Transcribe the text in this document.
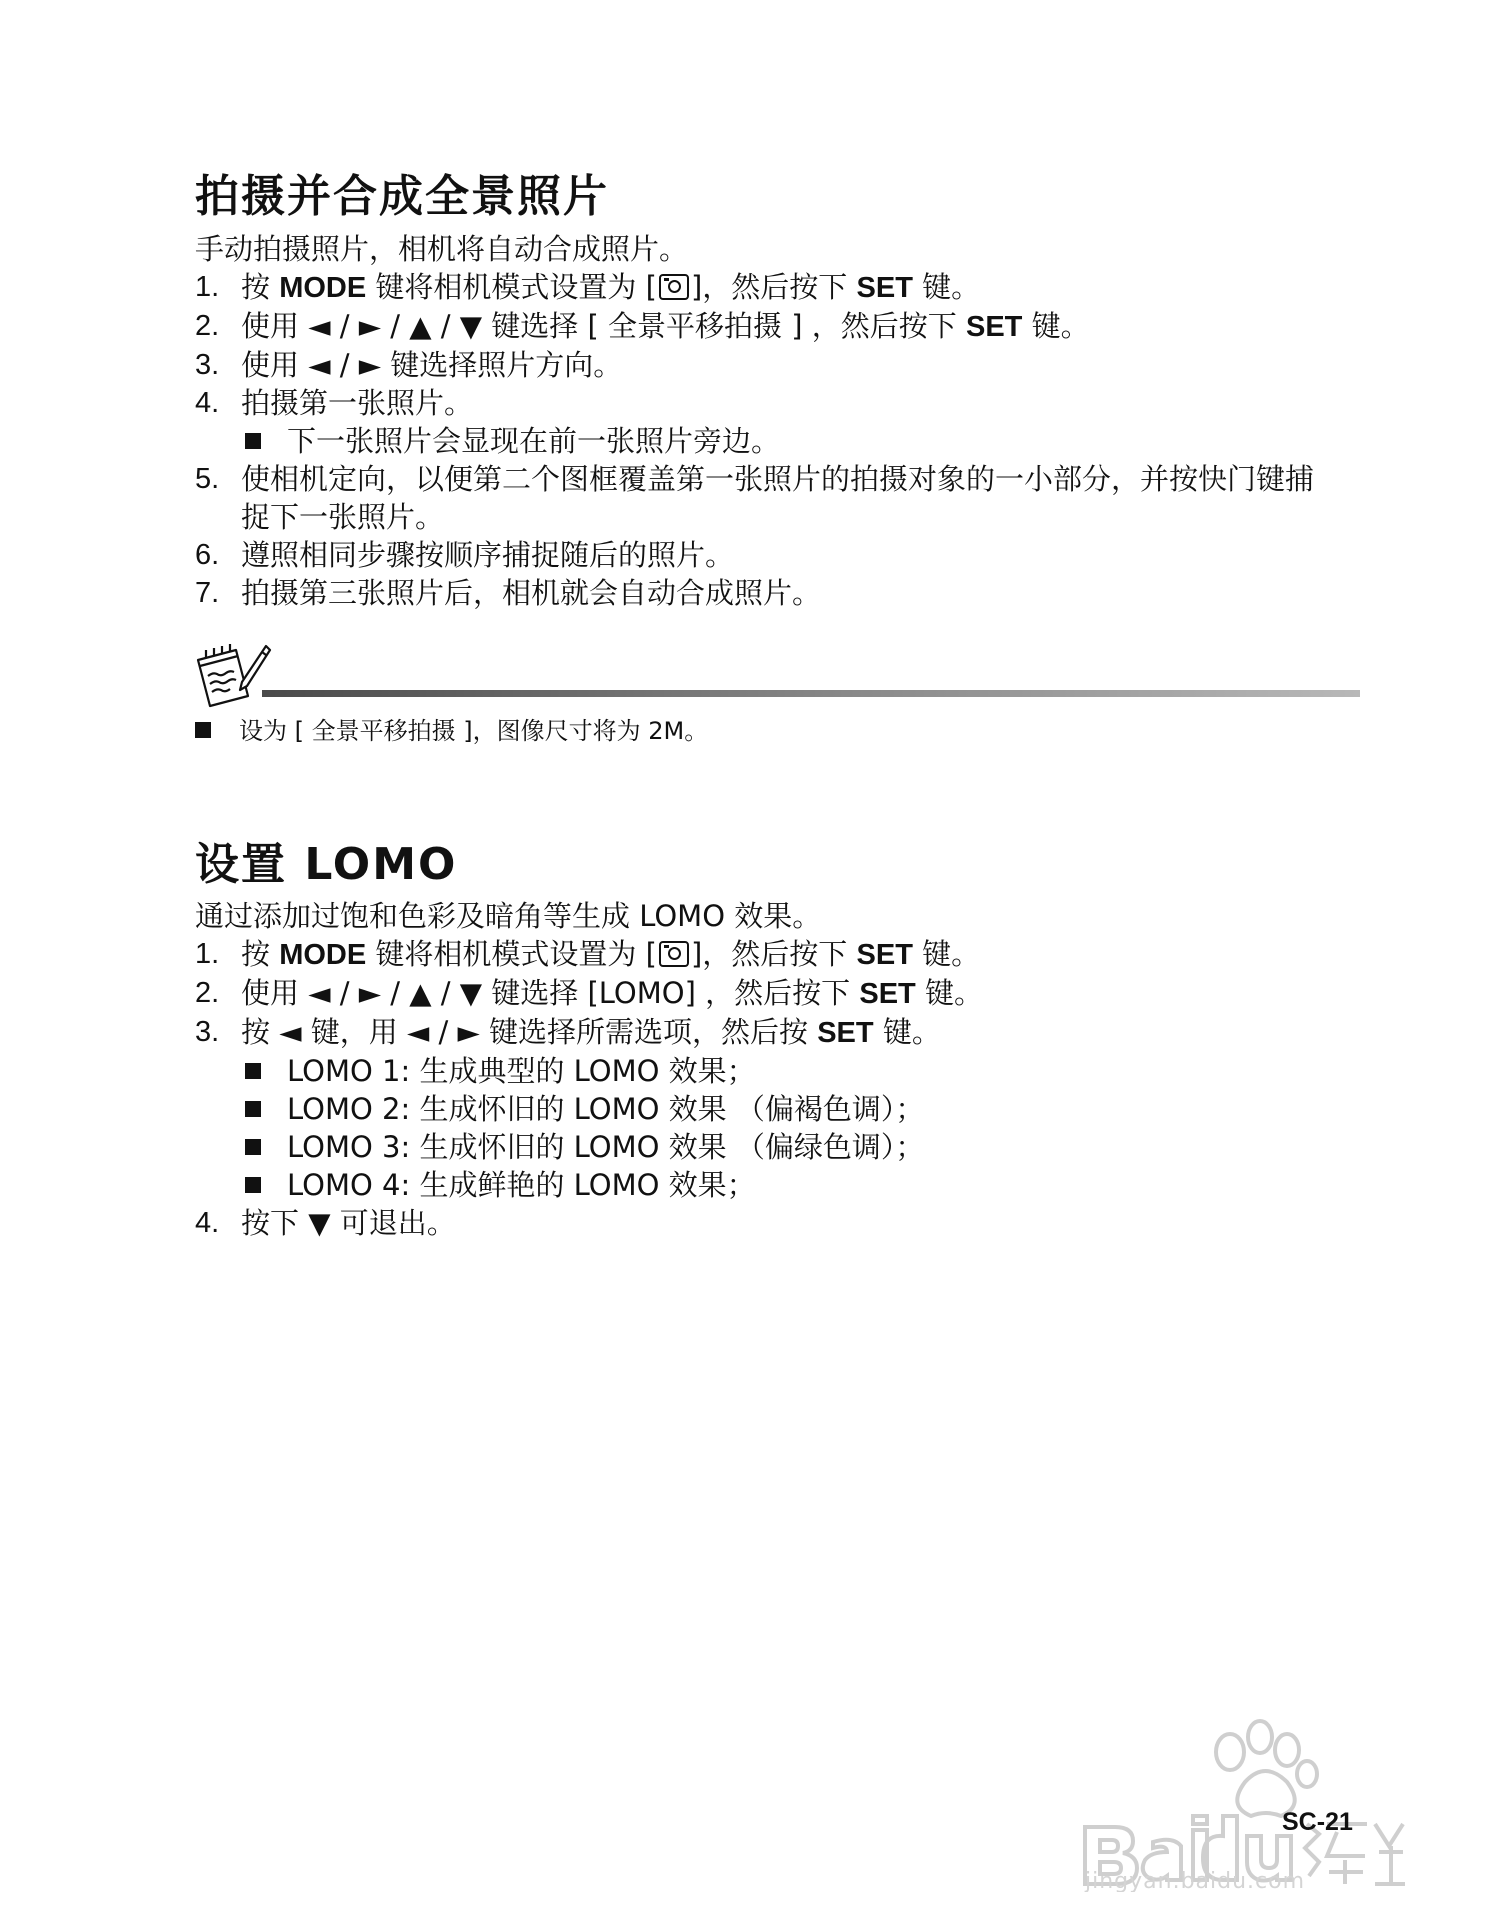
拍摄并合成全景照片
手动拍摄照片，相机将自动合成照片。
1. 按 MODE 键将相机模式设置为 [ ]，然后按下 SET 键。
2. 使用 ◄ / ► / ▲ / ▼ 键选择 [ 全景平移拍摄 ] ，然后按下 SET 键。
3. 使用 ◄ / ► 键选择照片方向。
4. 拍摄第一张照片。
下一张照片会显现在前一张照片旁边。
5. 使相机定向，以便第二个图框覆盖第一张照片的拍摄对象的一小部分，并按快门键捕
捉下一张照片。
6. 遵照相同步骤按顺序捕捉随后的照片。
7. 拍摄第三张照片后，相机就会自动合成照片。
设为 [ 全景平移拍摄 ]，图像尺寸将为 2M。
设置 LOMO
通过添加过饱和色彩及暗角等生成 LOMO 效果。
1. 按 MODE 键将相机模式设置为 [ ]，然后按下 SET 键。
2. 使用 ◄ / ► / ▲ / ▼ 键选择 [LOMO] ，然后按下 SET 键。
3. 按 ◄ 键，用 ◄ / ► 键选择所需选项，然后按 SET 键。
LOMO 1: 生成典型的 LOMO 效果；
LOMO 2: 生成怀旧的 LOMO 效果 （偏褐色调）；
LOMO 3: 生成怀旧的 LOMO 效果 （偏绿色调）；
LOMO 4: 生成鲜艳的 LOMO 效果；
4. 按下 ▼ 可退出。
jingyan.baidu.com
SC-21
